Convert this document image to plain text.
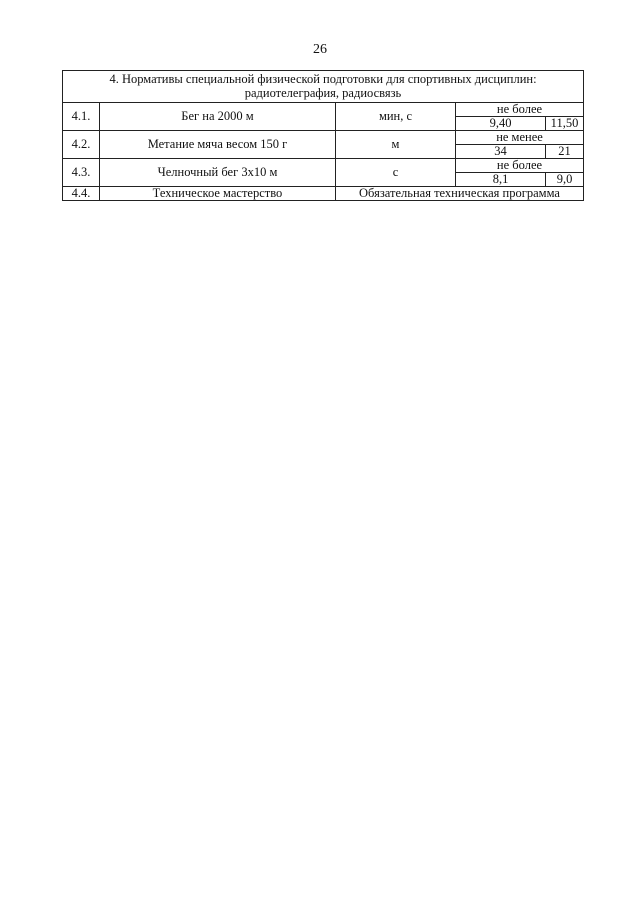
26
4. Нормативы специальной физической подготовки для спортивных дисциплин:
радиотелеграфия, радиосвязь				
4.1.	Бег на 2000 м	мин, с	не более	
			9,40	11,50
4.2.	Метание мяча весом 150 г	м	не менее	
			34	21
4.3.	Челночный бег 3x10 м	с	не более	
			8,1	9,0
4.4.	Техническое мастерство	Обязательная техническая программа		
